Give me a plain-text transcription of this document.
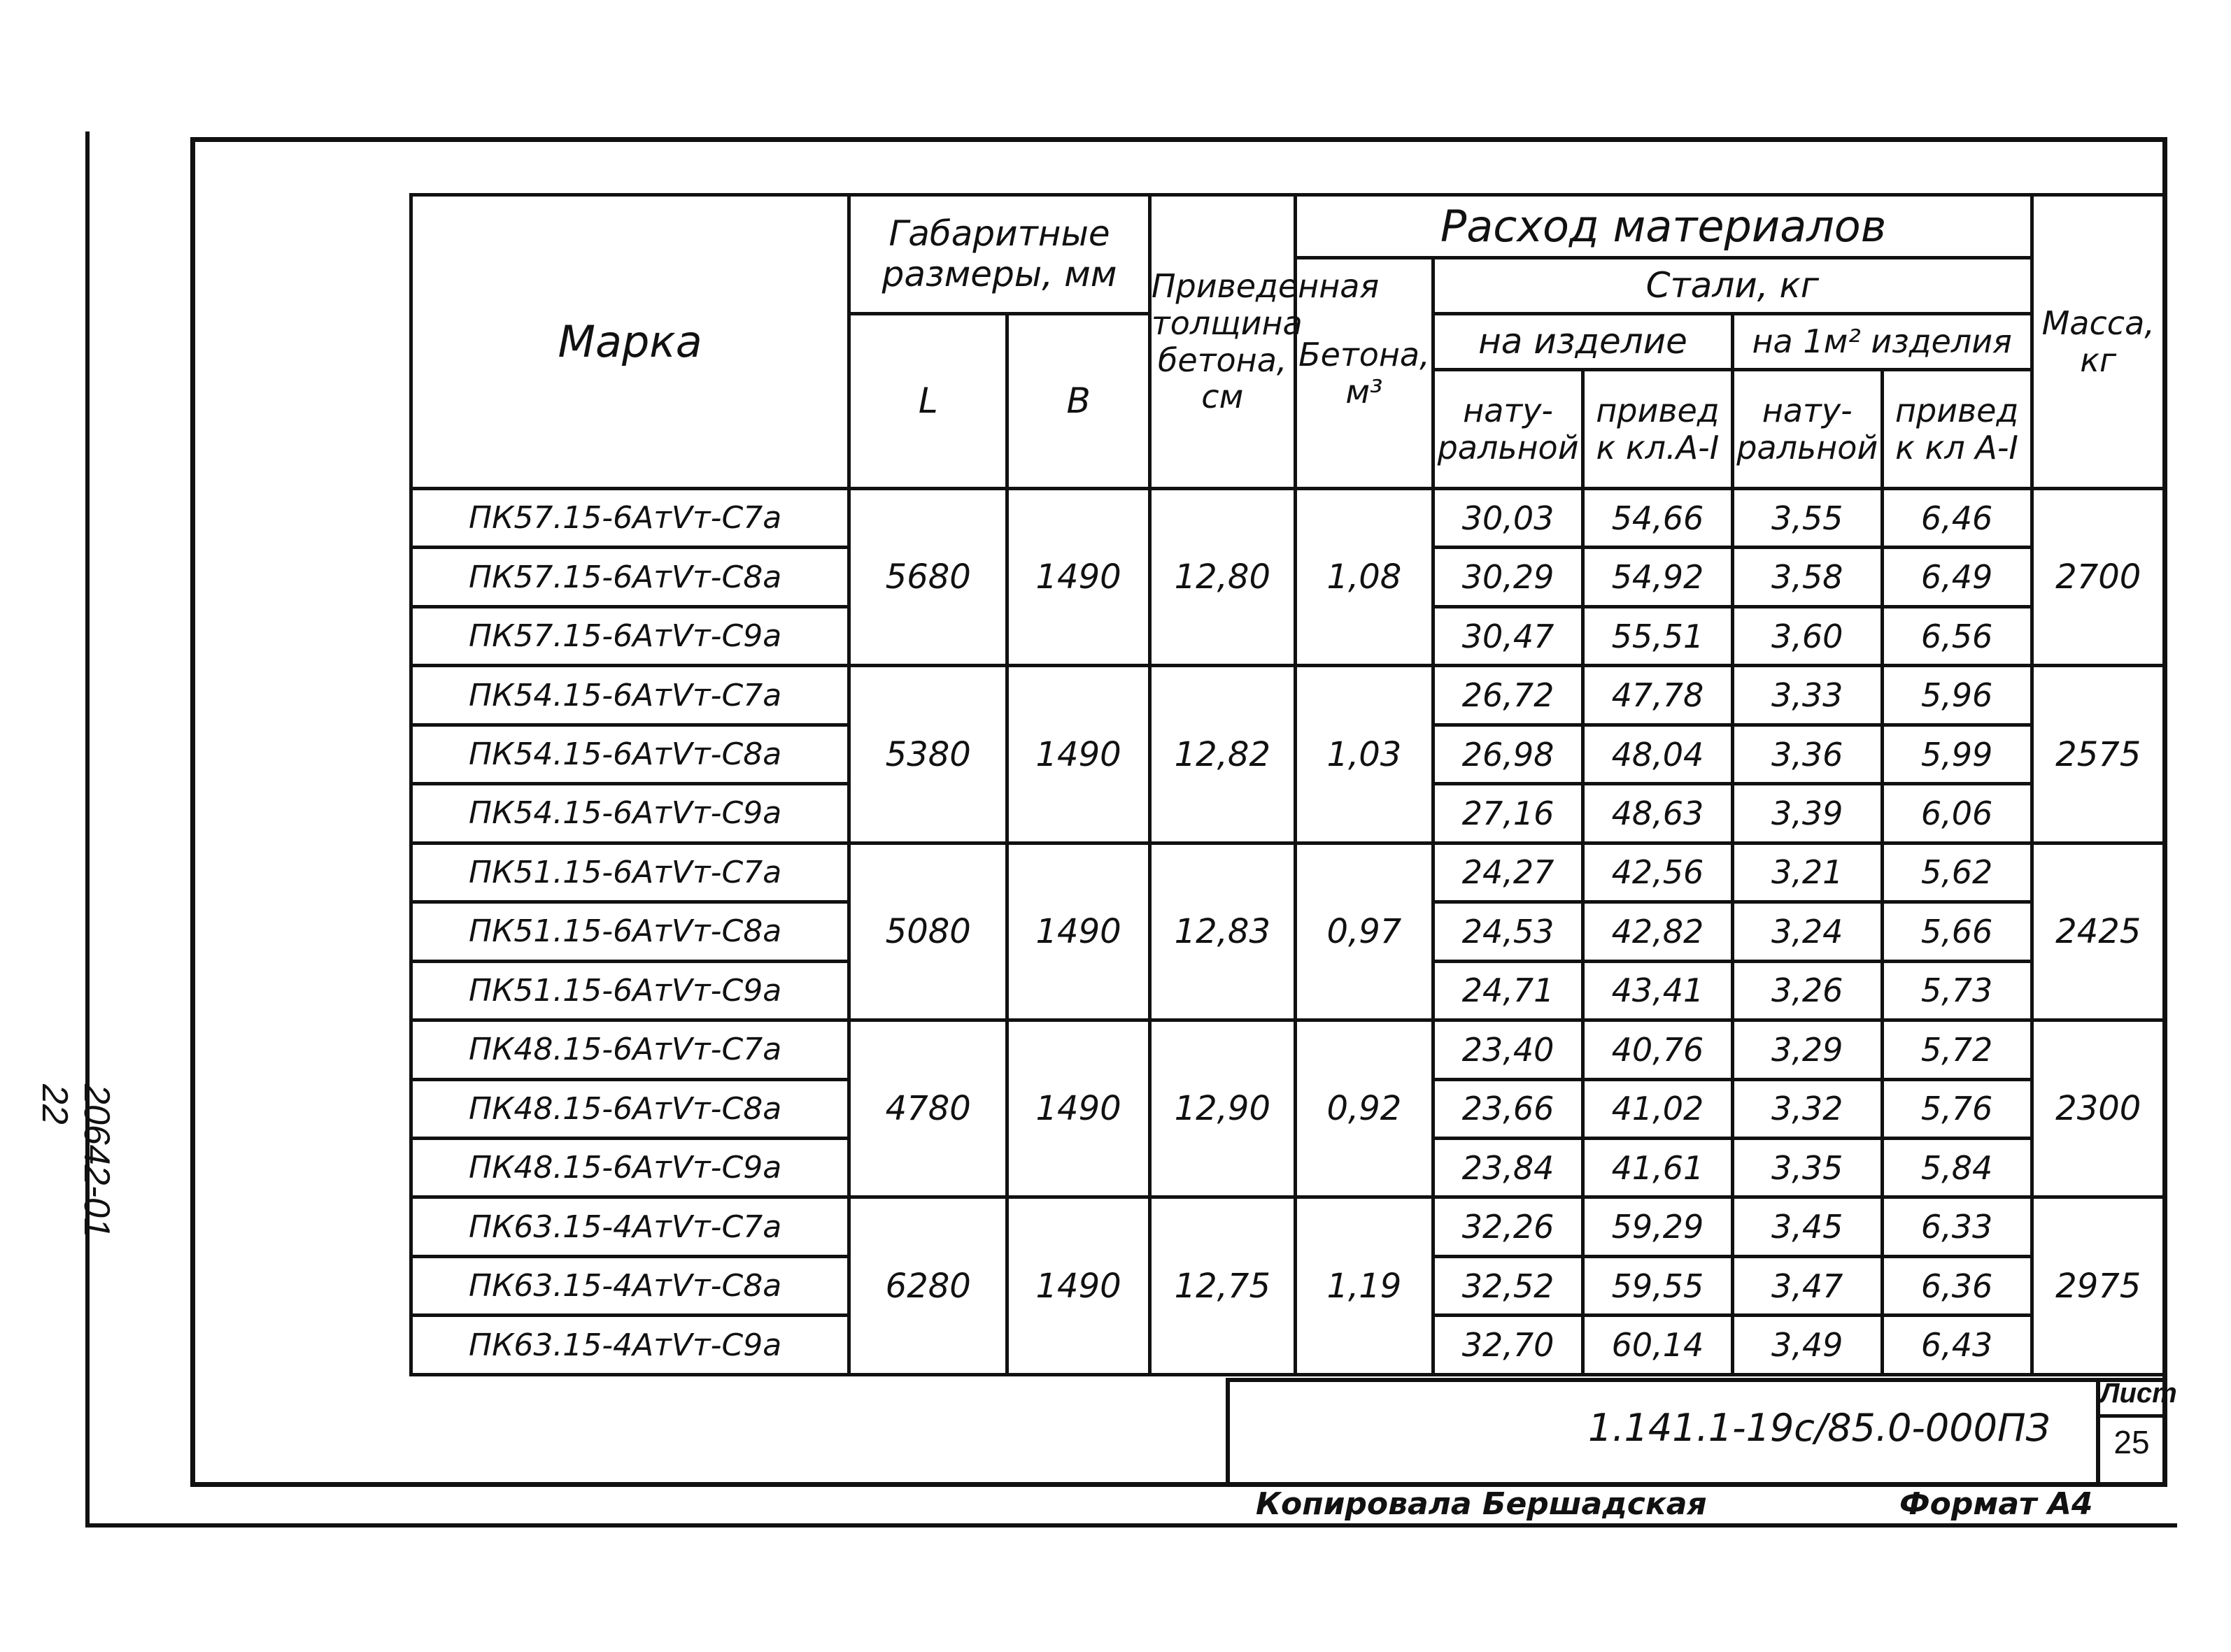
20642-01
22
Марка	Габаритные размеры, мм		Приведенная толщина бетона, см	Расход материалов					Масса, кг
				Бетона, м³	Стали, кг				
	L	B			на изделие		на 1м² изделия		
					нату-ральной	привед к кл.А-I	нату-ральной	привед к кл А-I	
ПК57.15-6АтⅤт-С7а	5680	1490	12,80	1,08	30,03	54,66	3,55	6,46	2700
ПК57.15-6АтⅤт-С8а					30,29	54,92	3,58	6,49	
ПК57.15-6АтⅤт-С9а					30,47	55,51	3,60	6,56	
ПК54.15-6АтⅤт-С7а	5380	1490	12,82	1,03	26,72	47,78	3,33	5,96	2575
ПК54.15-6АтⅤт-С8а					26,98	48,04	3,36	5,99	
ПК54.15-6АтⅤт-С9а					27,16	48,63	3,39	6,06	
ПК51.15-6АтⅤт-С7а	5080	1490	12,83	0,97	24,27	42,56	3,21	5,62	2425
ПК51.15-6АтⅤт-С8а					24,53	42,82	3,24	5,66	
ПК51.15-6АтⅤт-С9а					24,71	43,41	3,26	5,73	
ПК48.15-6АтⅤт-С7а	4780	1490	12,90	0,92	23,40	40,76	3,29	5,72	2300
ПК48.15-6АтⅤт-С8а					23,66	41,02	3,32	5,76	
ПК48.15-6АтⅤт-С9а					23,84	41,61	3,35	5,84	
ПК63.15-4АтⅤт-С7а	6280	1490	12,75	1,19	32,26	59,29	3,45	6,33	2975
ПК63.15-4АтⅤт-С8а					32,52	59,55	3,47	6,36	
ПК63.15-4АтⅤт-С9а					32,70	60,14	3,49	6,43	
1.141.1-19с/85.0-000ПЗ
Лист
25
Копировала Бершадская	Формат А4
